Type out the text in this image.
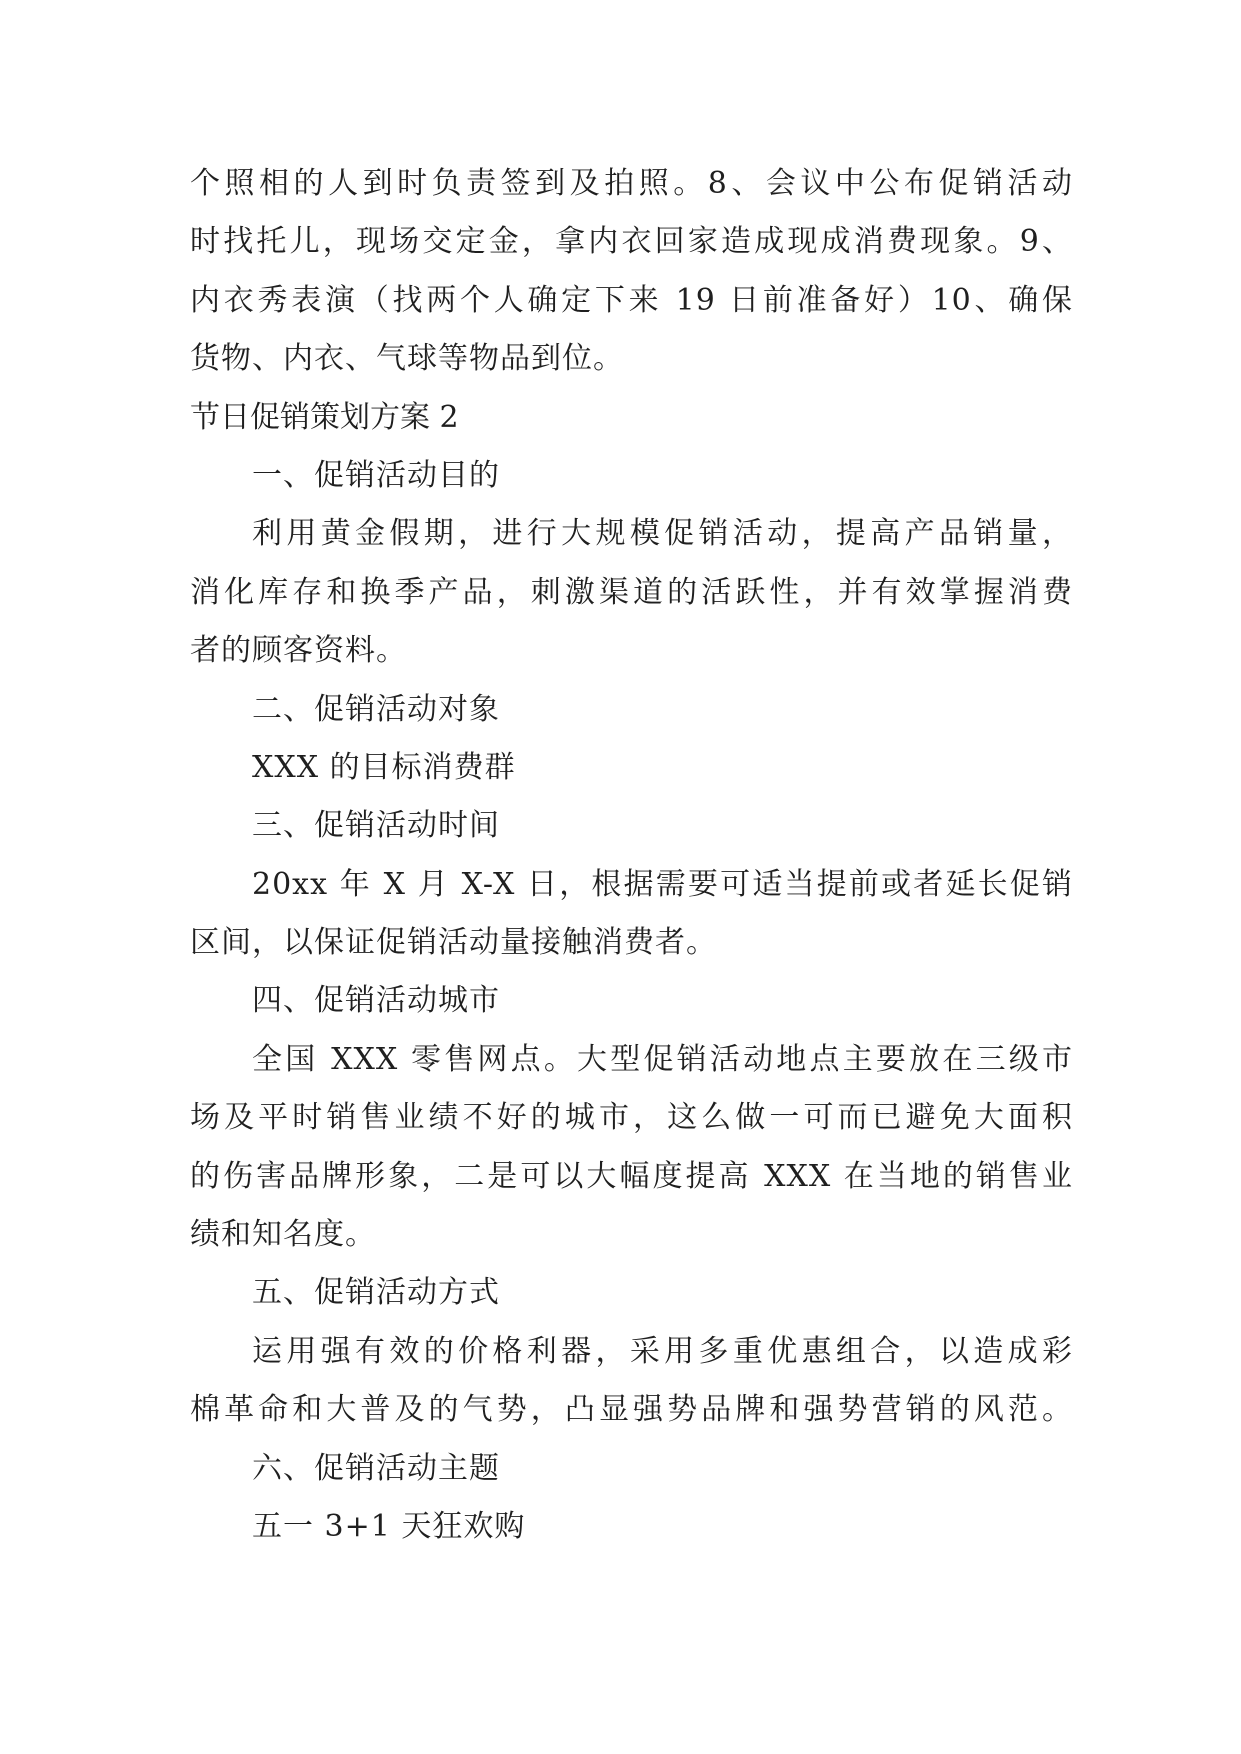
个照相的人到时负责签到及拍照。8、会议中公布促销活动
时找托儿，现场交定金，拿内衣回家造成现成消费现象。9、
内衣秀表演（找两个人确定下来 19 日前准备好）10、确保
货物、内衣、气球等物品到位。
节日促销策划方案 2
一、促销活动目的
利用黄金假期，进行大规模促销活动，提高产品销量，
消化库存和换季产品，刺激渠道的活跃性，并有效掌握消费
者的顾客资料。
二、促销活动对象
XXX 的目标消费群
三、促销活动时间
20xx 年 X 月 X-X 日，根据需要可适当提前或者延长促销
区间，以保证促销活动量接触消费者。
四、促销活动城市
全国 XXX 零售网点。大型促销活动地点主要放在三级市
场及平时销售业绩不好的城市，这么做一可而已避免大面积
的伤害品牌形象，二是可以大幅度提高 XXX 在当地的销售业
绩和知名度。
五、促销活动方式
运用强有效的价格利器，采用多重优惠组合，以造成彩
棉革命和大普及的气势，凸显强势品牌和强势营销的风范。
六、促销活动主题
五一 3+1 天狂欢购
